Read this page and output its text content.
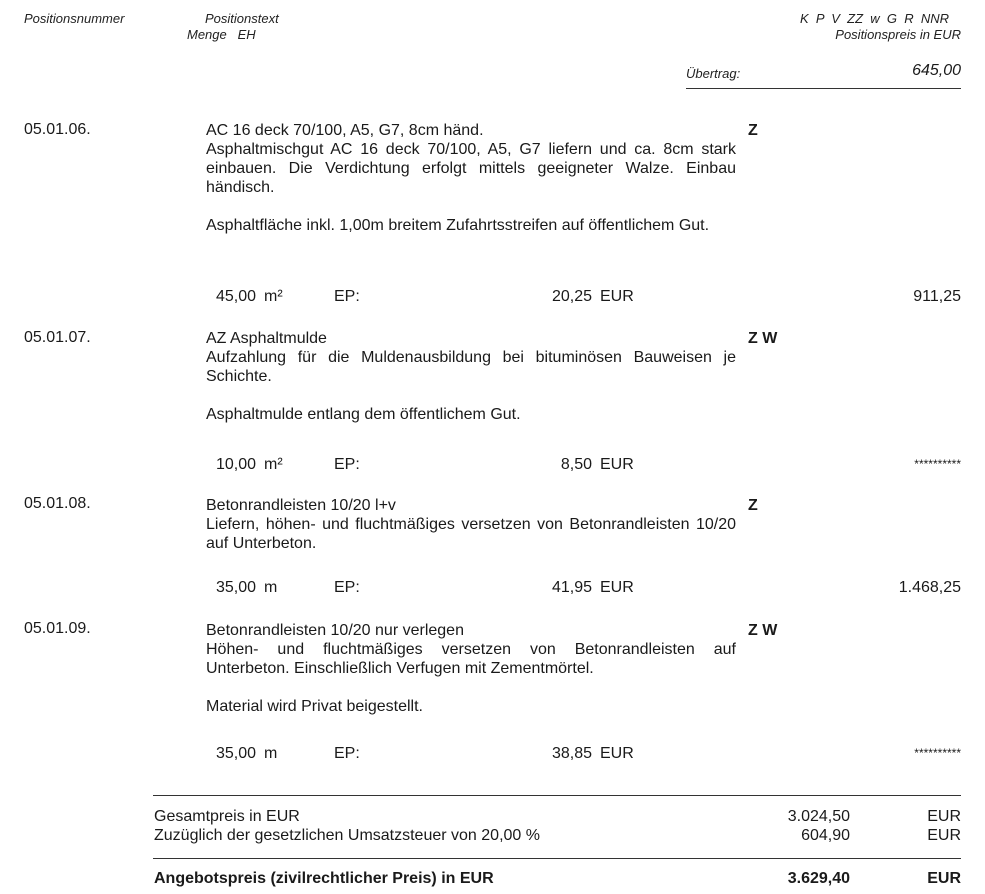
Positionsnummer	Positionstext
Menge   EH
K  P  V  ZZ  w  G  R  NNR
Positionspreis in EUR
Übertrag:	645,00
05.01.06.	AC 16 deck 70/100, A5, G7, 8cm händ.

Asphaltmischgut AC 16 deck 70/100, A5, G7 liefern und ca. 8cm stark einbauen. Die Verdichtung erfolgt mittels geeigneter Walze. Einbau händisch.

Asphaltfläche inkl. 1,00m breitem Zufahrtsstreifen auf öffentlichem Gut.

Z
45,00 m²	EP:	20,25 EUR	911,25
05.01.07.	AZ Asphaltmulde

Aufzahlung für die Muldenausbildung bei bituminösen Bauweisen je Schichte.

Asphaltmulde entlang dem öffentlichem Gut.

Z W
10,00 m²	EP:	8,50 EUR	**********
05.01.08.	Betonrandleisten 10/20 l+v

Liefern, höhen- und fluchtmäßiges versetzen von Betonrandleisten 10/20 auf Unterbeton.

Z
35,00 m	EP:	41,95 EUR	1.468,25
05.01.09.	Betonrandleisten 10/20 nur verlegen

Höhen- und fluchtmäßiges versetzen von Betonrandleisten auf Unterbeton. Einschließlich Verfugen mit Zementmörtel.

Material wird Privat beigestellt.

Z W
35,00 m	EP:	38,85 EUR	**********
Gesamtpreis in EUR	3.024,50	EUR
Zuzüglich der gesetzlichen Umsatzsteuer von 20,00 %	604,90	EUR
Angebotspreis (zivilrechtlicher Preis) in EUR	3.629,40	EUR
